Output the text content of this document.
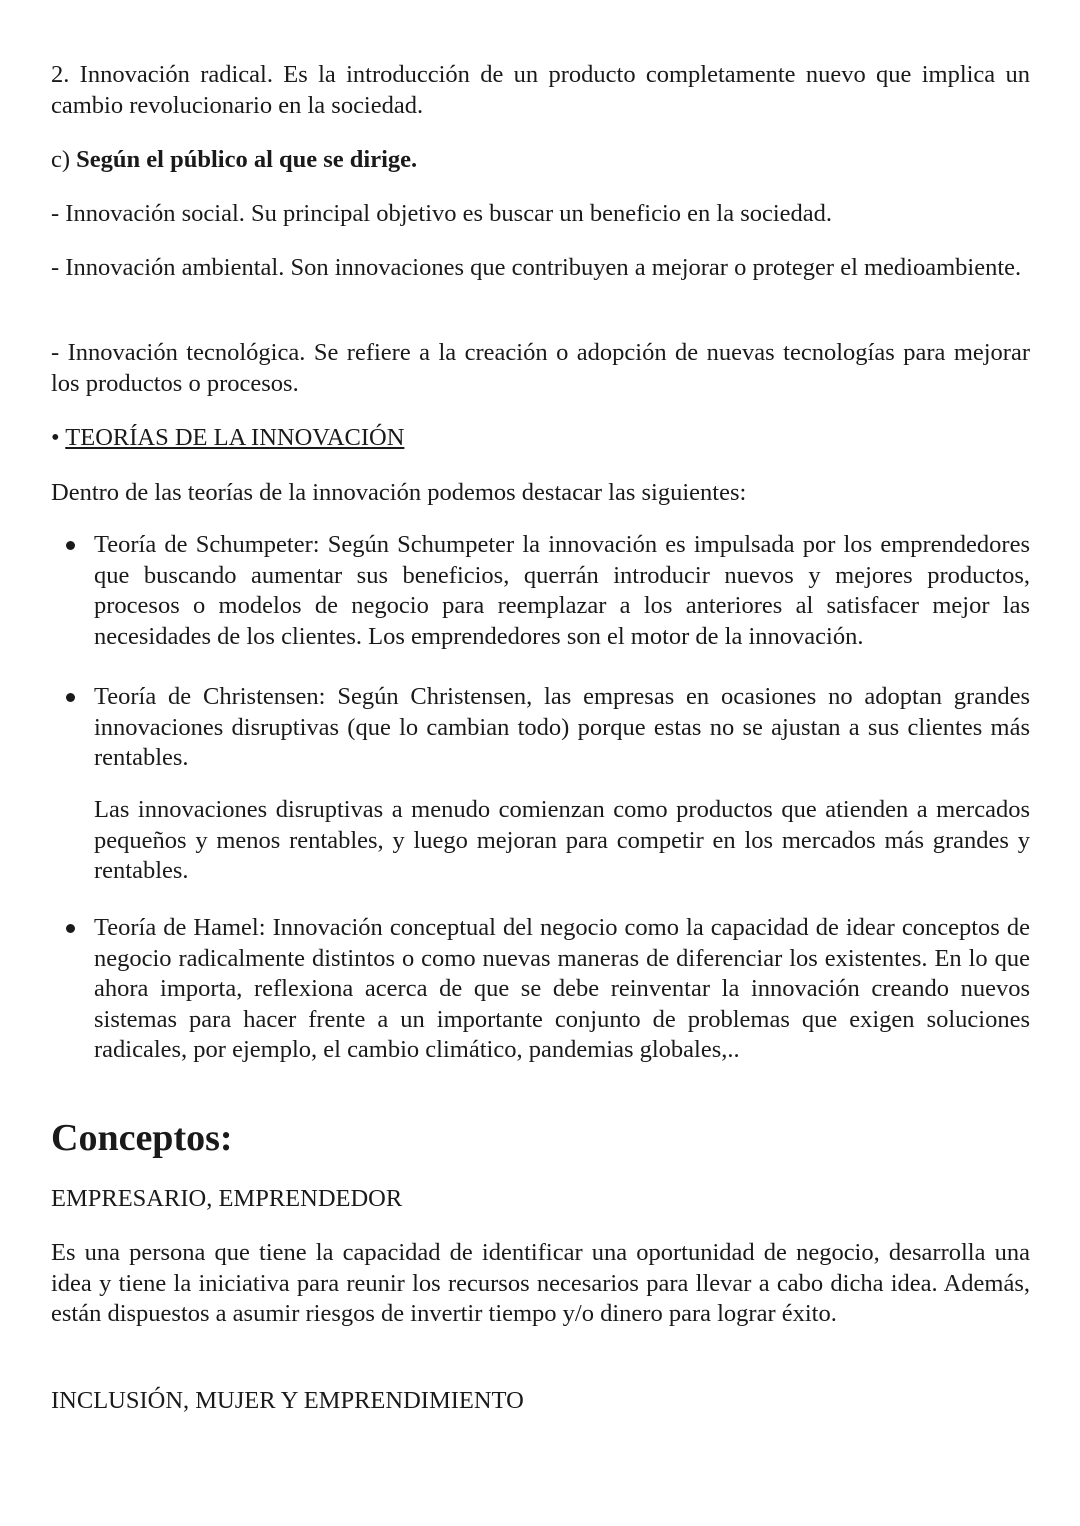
2. Innovación radical. Es la introducción de un producto completamente nuevo que implica un cambio revolucionario en la sociedad.

c) Según el público al que se dirige.

- Innovación social. Su principal objetivo es buscar un beneficio en la sociedad.

- Innovación ambiental. Son innovaciones que contribuyen a mejorar o proteger el medioambiente.

- Innovación tecnológica. Se refiere a la creación o adopción de nuevas tecnologías para mejorar los productos o procesos.

• TEORÍAS DE LA INNOVACIÓN

Dentro de las teorías de la innovación podemos destacar las siguientes:

Teoría de Schumpeter: Según Schumpeter la innovación es impulsada por los emprendedores que buscando aumentar sus beneficios, querrán introducir nuevos y mejores productos, procesos o modelos de negocio para reemplazar a los anteriores al satisfacer mejor las necesidades de los clientes. Los emprendedores son el motor de la innovación.

Teoría de Christensen: Según Christensen, las empresas en ocasiones no adoptan grandes innovaciones disruptivas (que lo cambian todo) porque estas no se ajustan a sus clientes más rentables.

Las innovaciones disruptivas a menudo comienzan como productos que atienden a mercados pequeños y menos rentables, y luego mejoran para competir en los mercados más grandes y rentables.

Teoría de Hamel: Innovación conceptual del negocio como la capacidad de idear conceptos de negocio radicalmente distintos o como nuevas maneras de diferenciar los existentes. En lo que ahora importa, reflexiona acerca de que se debe reinventar la innovación creando nuevos sistemas para hacer frente a un importante conjunto de problemas que exigen soluciones radicales, por ejemplo, el cambio climático, pandemias globales,..

Conceptos:

EMPRESARIO, EMPRENDEDOR

Es una persona que tiene la capacidad de identificar una oportunidad de negocio, desarrolla una idea y tiene la iniciativa para reunir los recursos necesarios para llevar a cabo dicha idea. Además, están dispuestos a asumir riesgos de invertir tiempo y/o dinero para lograr éxito.

INCLUSIÓN, MUJER Y EMPRENDIMIENTO
